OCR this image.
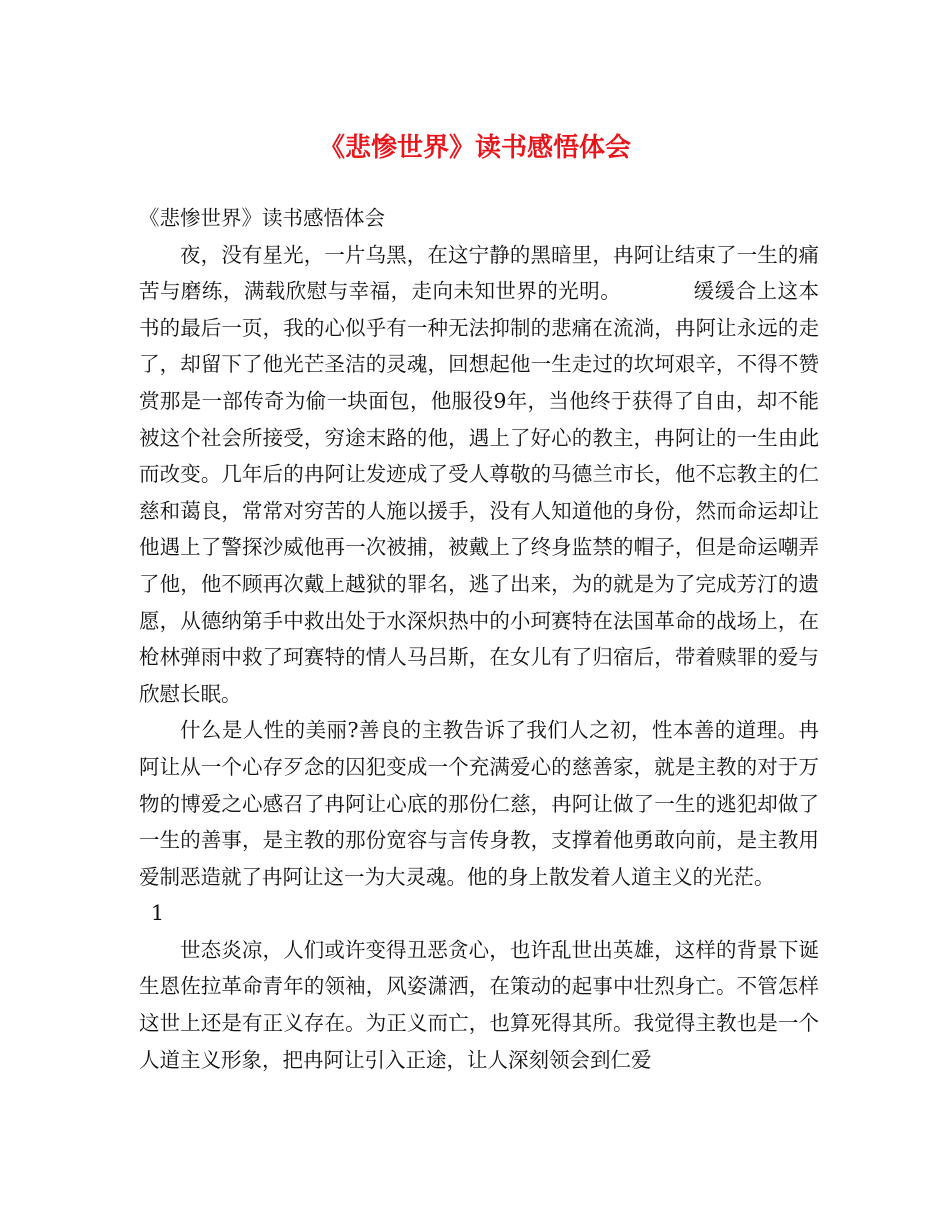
《悲惨世界》读书感悟体会

《悲惨世界》读书感悟体会

夜，没有星光，一片乌黑，在这宁静的黑暗里，冉阿让结束了一生的痛苦与磨练，满载欣慰与幸福，走向未知世界的光明。	缓缓合上这本书的最后一页，我的心似乎有一种无法抑制的悲痛在流淌，冉阿让永远的走了，却留下了他光芒圣洁的灵魂，回想起他一生走过的坎坷艰辛，不得不赞赏那是一部传奇为偷一块面包，他服役9年，当他终于获得了自由，却不能被这个社会所接受，穷途末路的他，遇上了好心的教主，冉阿让的一生由此而改变。几年后的冉阿让发迹成了受人尊敬的马德兰市长，他不忘教主的仁慈和蔼良，常常对穷苦的人施以援手，没有人知道他的身份，然而命运却让他遇上了警探沙威他再一次被捕，被戴上了终身监禁的帽子，但是命运嘲弄了他，他不顾再次戴上越狱的罪名，逃了出来，为的就是为了完成芳汀的遗愿，从德纳第手中救出处于水深炽热中的小珂赛特在法国革命的战场上，在枪林弹雨中救了珂赛特的情人马吕斯，在女儿有了归宿后，带着赎罪的爱与欣慰长眠。

什么是人性的美丽?善良的主教告诉了我们人之初，性本善的道理。冉阿让从一个心存歹念的囚犯变成一个充满爱心的慈善家，就是主教的对于万物的博爱之心感召了冉阿让心底的那份仁慈，冉阿让做了一生的逃犯却做了一生的善事，是主教的那份宽容与言传身教，支撑着他勇敢向前，是主教用爱制恶造就了冉阿让这一为大灵魂。他的身上散发着人道主义的光茫。

1

世态炎凉，人们或许变得丑恶贪心，也许乱世出英雄，这样的背景下诞生恩佐拉革命青年的领袖，风姿潇洒，在策动的起事中壮烈身亡。不管怎样这世上还是有正义存在。为正义而亡，也算死得其所。我觉得主教也是一个人道主义形象，把冉阿让引入正途，让人深刻领会到仁爱
